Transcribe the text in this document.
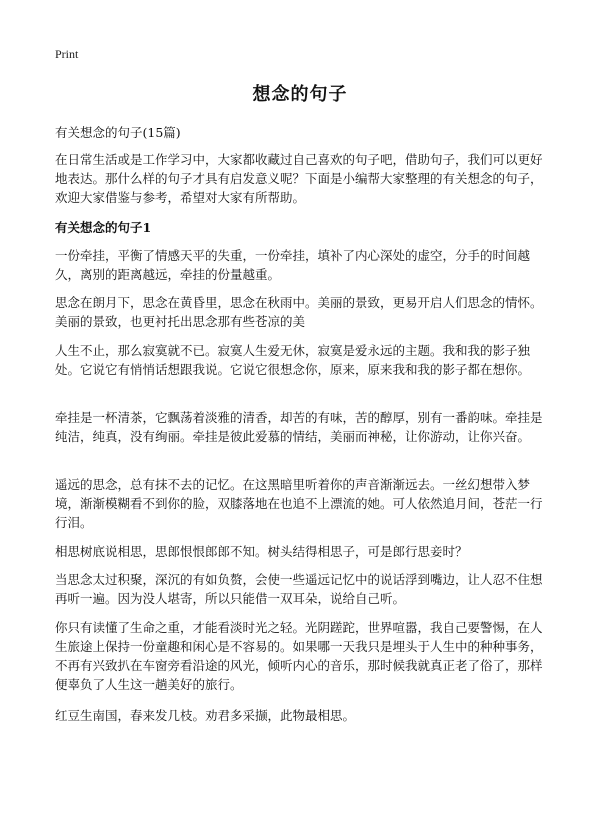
Print
想念的句子
有关想念的句子(15篇)

在日常生活或是工作学习中，大家都收藏过自己喜欢的句子吧，借助句子，我们可以更好地表达。那什么样的句子才具有启发意义呢？下面是小编帮大家整理的有关想念的句子，欢迎大家借鉴与参考，希望对大家有所帮助。

有关想念的句子1

一份牵挂，平衡了情感天平的失重，一份牵挂，填补了内心深处的虚空，分手的时间越久，离别的距离越远，牵挂的份量越重。

思念在朗月下，思念在黄昏里，思念在秋雨中。美丽的景致，更易开启人们思念的情怀。美丽的景致，也更衬托出思念那有些苍凉的美

人生不止，那么寂寞就不已。寂寞人生爱无休，寂寞是爱永远的主题。我和我的影子独处。它说它有悄悄话想跟我说。它说它很想念你，原来，原来我和我的影子都在想你。

牵挂是一杯清茶，它飘荡着淡雅的清香，却苦的有味，苦的醇厚，别有一番韵味。牵挂是纯洁，纯真，没有绚丽。牵挂是彼此爱慕的情结，美丽而神秘，让你游动，让你兴奋。

遥远的思念，总有抹不去的记忆。在这黑暗里听着你的声音渐渐远去。一丝幻想带入梦境，渐渐模糊看不到你的脸，双膝落地在也追不上漂流的她。可人依然追月间，苍茫一行行泪。

相思树底说相思，思郎恨恨郎郎不知。树头结得相思子，可是郎行思妾时？

当思念太过积聚，深沉的有如负赘，会使一些遥远记忆中的说话浮到嘴边，让人忍不住想再听一遍。因为没人堪寄，所以只能借一双耳朵，说给自己听。

你只有读懂了生命之重，才能看淡时光之轻。光阴蹉跎，世界喧嚣，我自己要警惕，在人生旅途上保持一份童趣和闲心是不容易的。如果哪一天我只是埋头于人生中的种种事务，不再有兴致扒在车窗旁看沿途的风光，倾听内心的音乐，那时候我就真正老了俗了，那样便辜负了人生这一趟美好的旅行。

红豆生南国，春来发几枝。劝君多采撷，此物最相思。
